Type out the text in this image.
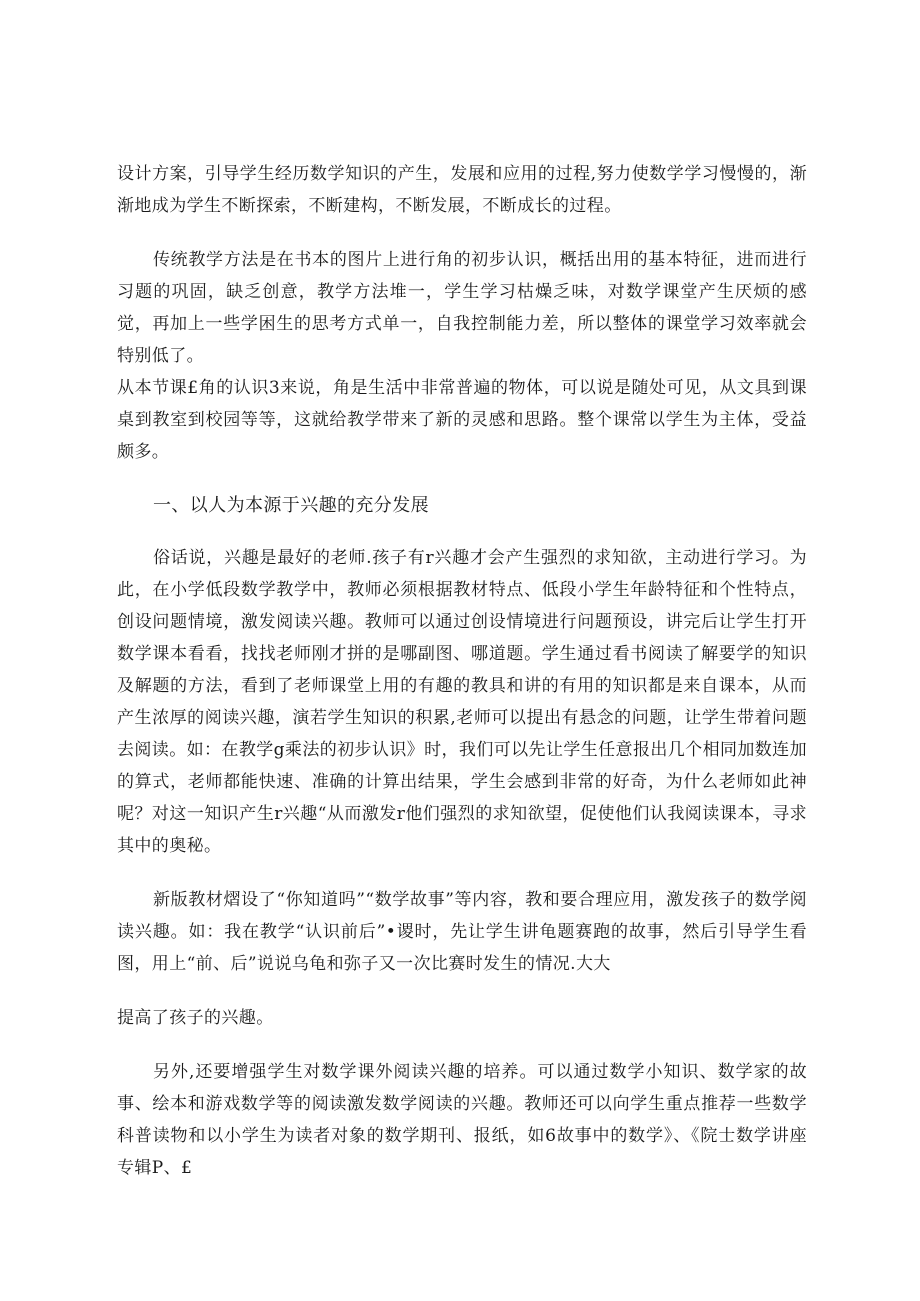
设计方案，引导学生经历数学知识的产生，发展和应用的过程,努力使数学学习慢慢的，渐渐地成为学生不断探索，不断建构，不断发展，不断成长的过程。

传统教学方法是在书本的图片上进行角的初步认识，概括出用的基本特征，进而进行习题的巩固，缺乏创意，教学方法堆一，学生学习枯燥乏味，对数学课堂产生厌烦的感觉，再加上一些学困生的思考方式单一，自我控制能力差，所以整体的课堂学习效率就会特别低了。

从本节课£角的认识3来说，角是生活中非常普遍的物体，可以说是随处可见，从文具到课桌到教室到校园等等，这就给教学带来了新的灵感和思路。整个课常以学生为主体，受益颇多。

一、以人为本源于兴趣的充分发展

俗话说，兴趣是最好的老师.孩子有r兴趣才会产生强烈的求知欲，主动进行学习。为此，在小学低段数学教学中，教师必须根据教材特点、低段小学生年龄特征和个性特点，创设问题情境，激发阅读兴趣。教师可以通过创设情境进行问题预设，讲完后让学生打开数学课本看看，找找老师刚才拼的是哪副图、哪道题。学生通过看书阅读了解要学的知识及解题的方法，看到了老师课堂上用的有趣的教具和讲的有用的知识都是来自课本，从而产生浓厚的阅读兴趣，演若学生知识的积累,老师可以提出有悬念的问题，让学生带着问题去阅读。如：在教学g乘法的初步认识》时，我们可以先让学生任意报出几个相同加数连加的算式，老师都能快速、准确的计算出结果，学生会感到非常的好奇，为什么老师如此神呢？对这一知识产生r兴趣“从而激发r他们强烈的求知欲望，促使他们认我阅读课本，寻求其中的奥秘。

新版教材熠设了“你知道吗”“数学故事”等内容，教和要合理应用，激发孩子的数学阅读兴趣。如：我在教学“认识前后”•谡时，先让学生讲龟题赛跑的故事，然后引导学生看图，用上“前、后”说说乌龟和弥子又一次比赛时发生的情况.大大

提高了孩子的兴趣。

另外,还要增强学生对数学课外阅读兴趣的培养。可以通过数学小知识、数学家的故事、绘本和游戏数学等的阅读激发数学阅读的兴趣。教师还可以向学生重点推荐一些数学科普读物和以小学生为读者对象的数学期刊、报纸，如6故事中的数学》、《院士数学讲座专辑P、£
